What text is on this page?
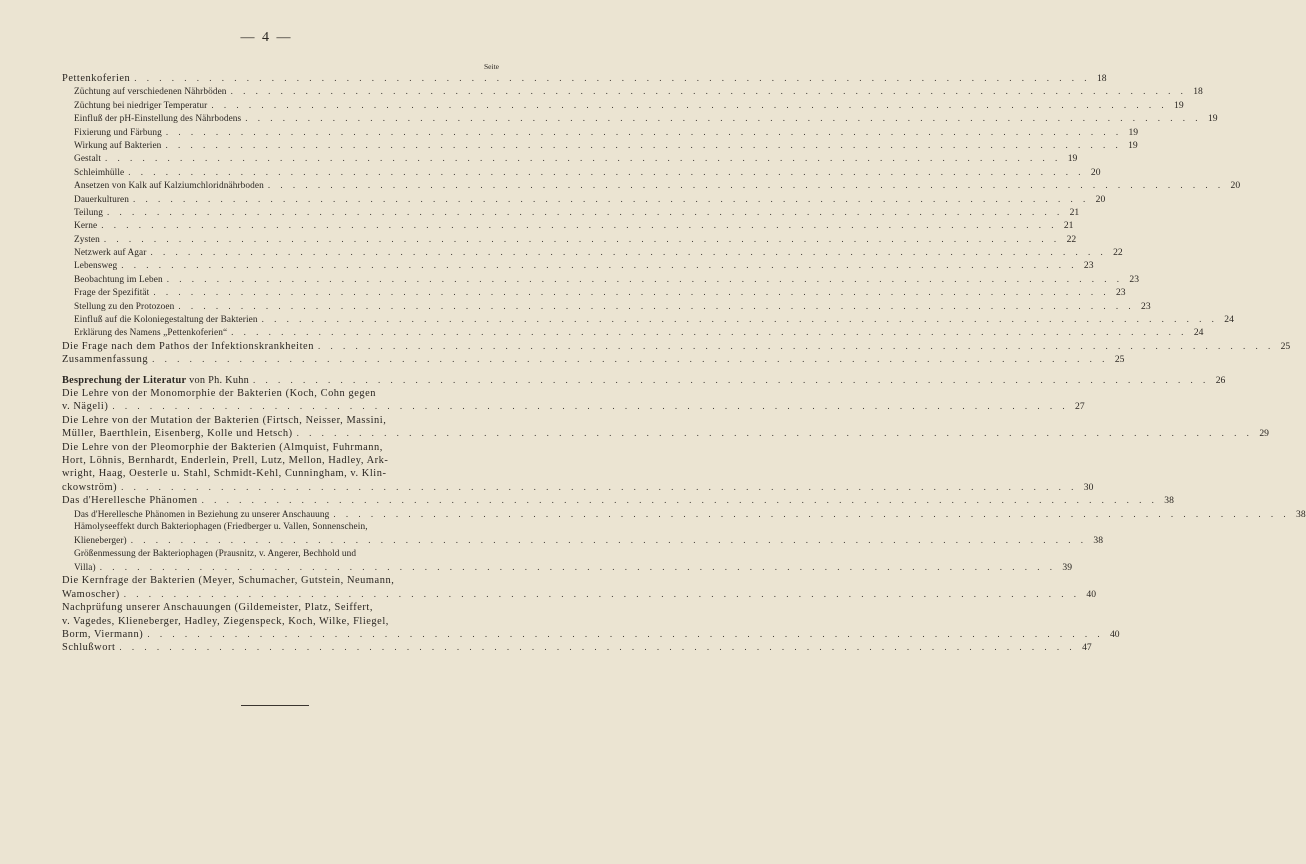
— 4 —
Seite
Pettenkoferien . . .	18
Züchtung auf verschiedenen Nährböden . . .	18
Züchtung bei niedriger Temperatur . . .	19
Einfluß der pH-Einstellung des Nährbodens . . .	19
Fixierung und Färbung . . .	19
Wirkung auf Bakterien . . .	19
Gestalt . . .	19
Schleimhülle . . .	20
Ansetzen von Kalk auf Kalziumchloridnährboden . . .	20
Dauerkulturen . . .	20
Teilung . . .	21
Kerne . . .	21
Zysten . . .	22
Netzwerk auf Agar . . .	22
Lebensweg . . .	23
Beobachtung im Leben . . .	23
Frage der Spezifität . . .	23
Stellung zu den Protozoen . . .	23
Einfluß auf die Koloniegestaltung der Bakterien . . .	24
Erklärung des Namens „Pettenkoferien“ . . .	24
Die Frage nach dem Pathos der Infektionskrankheiten . . .	25
Zusammenfassung . . .	25
Besprechung der Literatur von Ph. Kuhn . . .	26
Die Lehre von der Monomorphie der Bakterien (Koch, Cohn gegen
v. Nägeli) . . .	27
Die Lehre von der Mutation der Bakterien (Firtsch, Neisser, Massini,
Müller, Baerthlein, Eisenberg, Kolle und Hetsch) . . .	29
Die Lehre von der Pleomorphie der Bakterien (Almquist, Fuhrmann,
Hort, Löhnis, Bernhardt, Enderlein, Prell, Lutz, Mellon, Hadley, Ark-
wright, Haag, Oesterle u. Stahl, Schmidt-Kehl, Cunningham, v. Klin-
ckowström) . . .	30
Das d'Herellesche Phänomen . . .	38
Das d'Herellesche Phänomen in Beziehung zu unserer Anschauung . . .	38
Hämolyseeffekt durch Bakteriophagen (Friedberger u. Vallen, Sonnenschein,
Klieneberger) . . .	38
Größenmessung der Bakteriophagen (Prausnitz, v. Angerer, Bechhold und
Villa) . . .	39
Die Kernfrage der Bakterien (Meyer, Schumacher, Gutstein, Neumann,
Wamoscher) . . .	40
Nachprüfung unserer Anschauungen (Gildemeister, Platz, Seiffert,
v. Vagedes, Klieneberger, Hadley, Ziegenspeck, Koch, Wilke, Fliegel,
Borm, Viermann) . . .	40
Schlußwort . . .	47
